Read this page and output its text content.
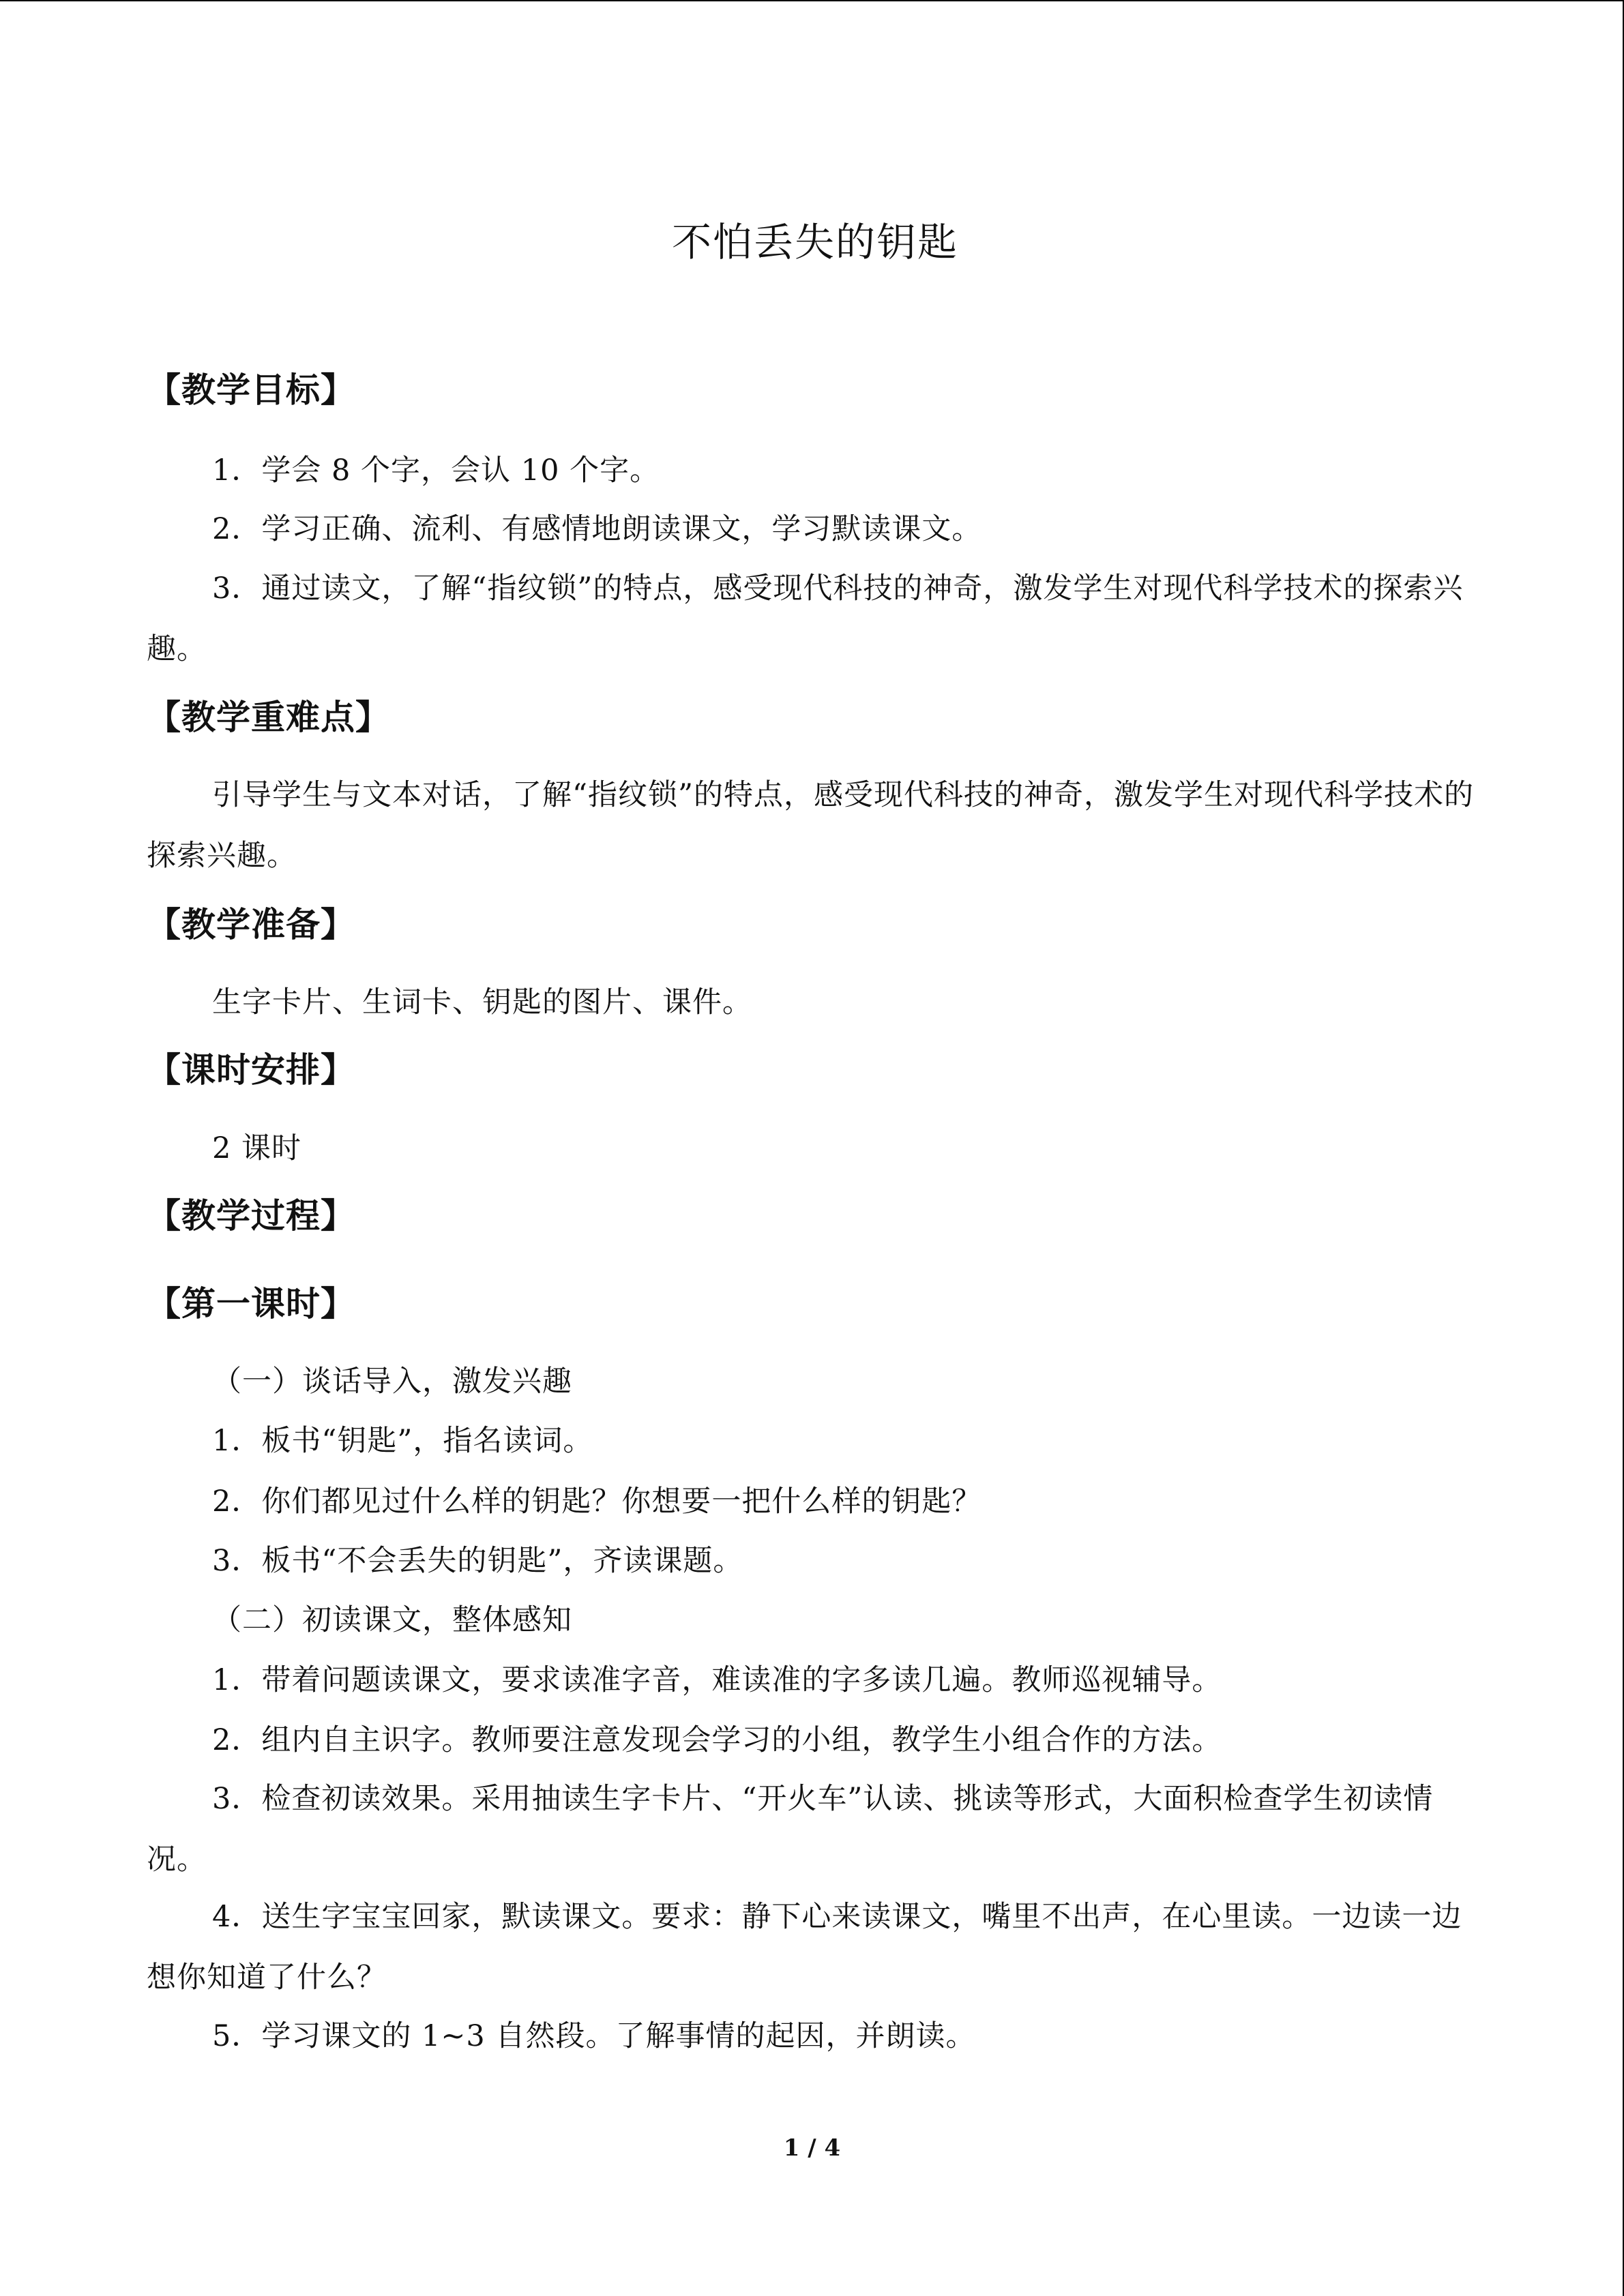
不怕丢失的钥匙
【教学目标】
1．学会 8 个字，会认 10 个字。
2．学习正确、流利、有感情地朗读课文，学习默读课文。
3．通过读文，了解“指纹锁”的特点，感受现代科技的神奇，激发学生对现代科学技术的探索兴趣。
【教学重难点】
引导学生与文本对话，了解“指纹锁”的特点，感受现代科技的神奇，激发学生对现代科学技术的探索兴趣。
【教学准备】
生字卡片、生词卡、钥匙的图片、课件。
【课时安排】
2 课时
【教学过程】
【第一课时】
（一）谈话导入，激发兴趣
1．板书“钥匙”，指名读词。
2．你们都见过什么样的钥匙？你想要一把什么样的钥匙？
3．板书“不会丢失的钥匙”，齐读课题。
（二）初读课文，整体感知
1．带着问题读课文，要求读准字音，难读准的字多读几遍。教师巡视辅导。
2．组内自主识字。教师要注意发现会学习的小组，教学生小组合作的方法。
3．检查初读效果。采用抽读生字卡片、“开火车”认读、挑读等形式，大面积检查学生初读情况。
4．送生字宝宝回家，默读课文。要求：静下心来读课文，嘴里不出声，在心里读。一边读一边想你知道了什么？
5．学习课文的 1~3 自然段。了解事情的起因，并朗读。
1 / 4
